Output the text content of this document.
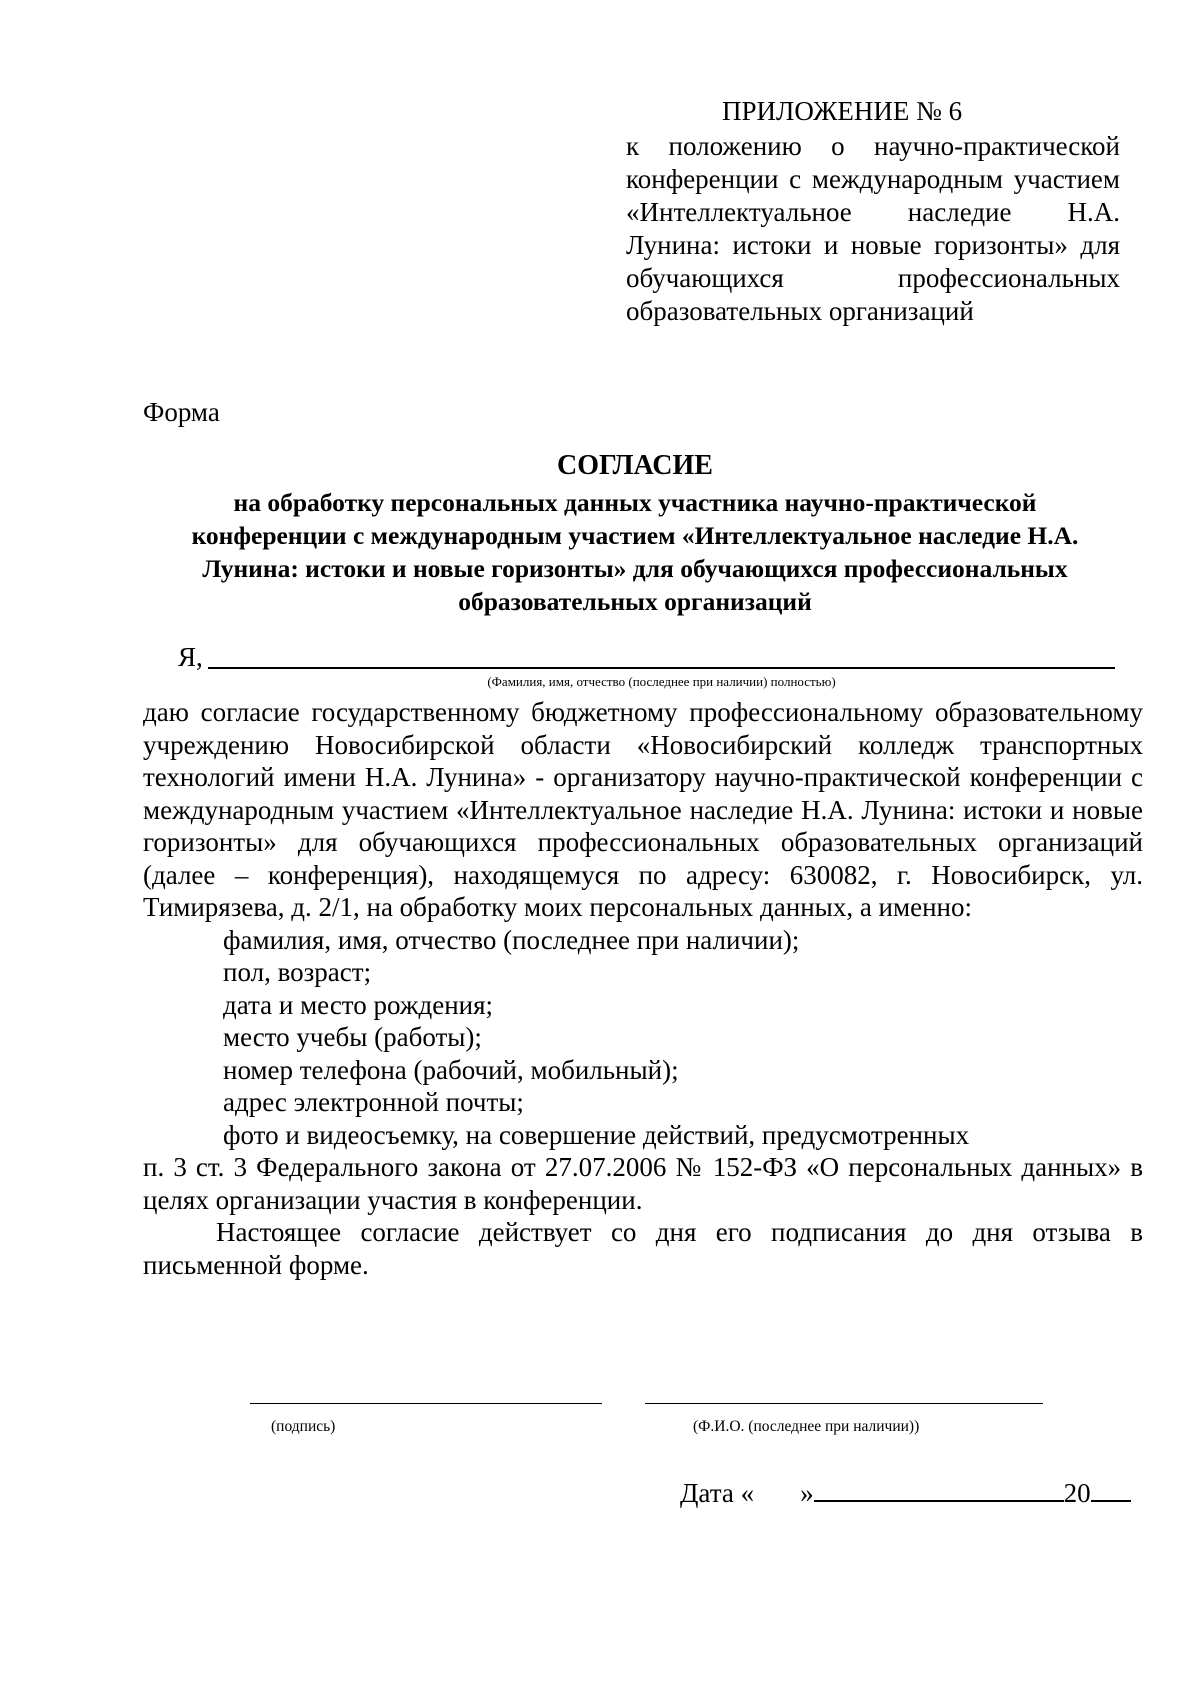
ПРИЛОЖЕНИЕ № 6
к положению о научно-практической конференции с международным участием «Интеллектуальное наследие Н.А. Лунина: истоки и новые горизонты» для обучающихся профессиональных образовательных организаций
Форма
СОГЛАСИЕ
на обработку персональных данных участника научно-практической конференции с международным участием «Интеллектуальное наследие Н.А. Лунина: истоки и новые горизонты» для обучающихся профессиональных образовательных организаций
Я,
(Фамилия, имя, отчество (последнее при наличии) полностью)

даю согласие государственному бюджетному профессиональному образовательному учреждению Новосибирской области «Новосибирский колледж транспортных технологий имени Н.А. Лунина» - организатору научно-практической конференции с международным участием «Интеллектуальное наследие Н.А. Лунина: истоки и новые горизонты» для обучающихся профессиональных образовательных организаций (далее – конференция), находящемуся по адресу: 630082, г. Новосибирск, ул. Тимирязева, д. 2/1, на обработку моих персональных данных, а именно:

фамилия, имя, отчество (последнее при наличии);
пол, возраст;
дата и место рождения;
место учебы (работы);
номер телефона (рабочий, мобильный);
адрес электронной почты;
фото и видеосъемку, на совершение действий, предусмотренных

п. 3 ст. 3 Федерального закона от 27.07.2006 № 152-ФЗ «О персональных данных» в целях организации участия в конференции.

Настоящее согласие действует со дня его подписания до дня отзыва в письменной форме.

(подпись)	(Ф.И.О. (последнее при наличии))
Дата « »	20
